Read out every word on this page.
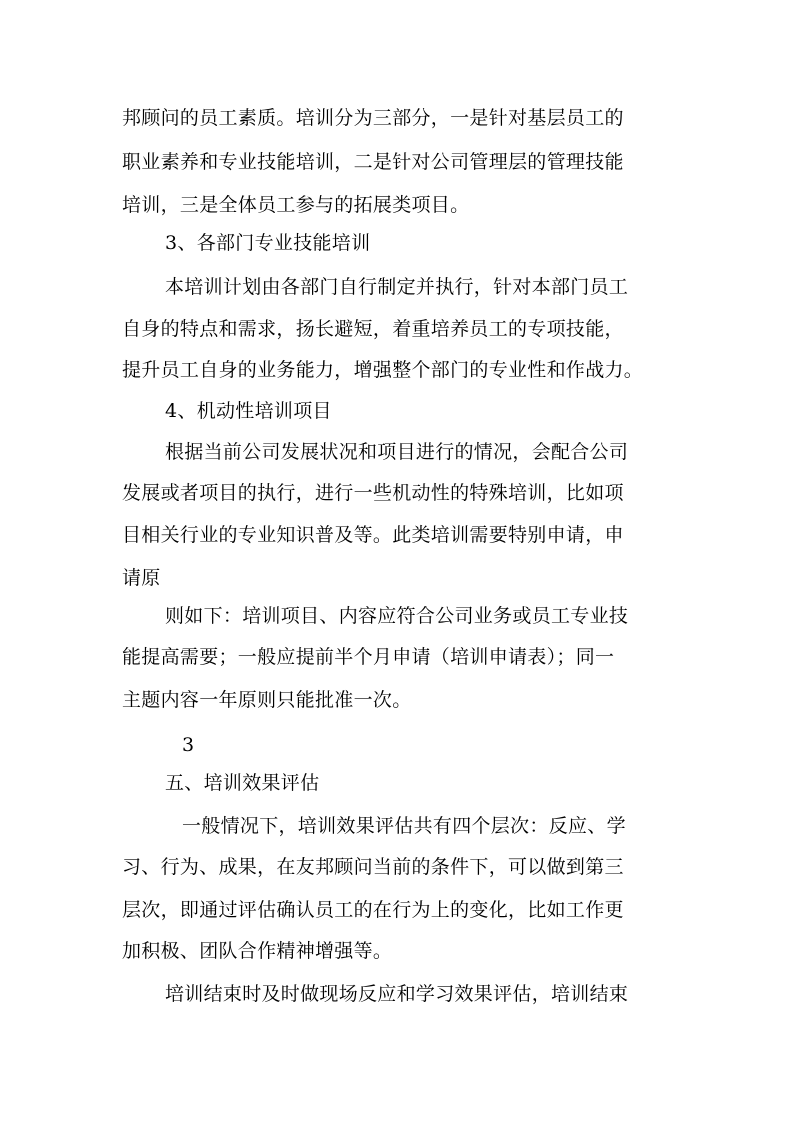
邦顾问的员工素质。培训分为三部分，一是针对基层员工的
职业素养和专业技能培训，二是针对公司管理层的管理技能
培训，三是全体员工参与的拓展类项目。
3、各部门专业技能培训
本培训计划由各部门自行制定并执行，针对本部门员工
自身的特点和需求，扬长避短，着重培养员工的专项技能，
提升员工自身的业务能力，增强整个部门的专业性和作战力。
4、机动性培训项目
根据当前公司发展状况和项目进行的情况，会配合公司
发展或者项目的执行，进行一些机动性的特殊培训，比如项
目相关行业的专业知识普及等。此类培训需要特别申请，申
请原
则如下：培训项目、内容应符合公司业务或员工专业技
能提高需要；一般应提前半个月申请（培训申请表）；同一
主题内容一年原则只能批准一次。
3
五、培训效果评估
一般情况下，培训效果评估共有四个层次：反应、学
习、行为、成果，在友邦顾问当前的条件下，可以做到第三
层次，即通过评估确认员工的在行为上的变化，比如工作更
加积极、团队合作精神增强等。
培训结束时及时做现场反应和学习效果评估，培训结束
